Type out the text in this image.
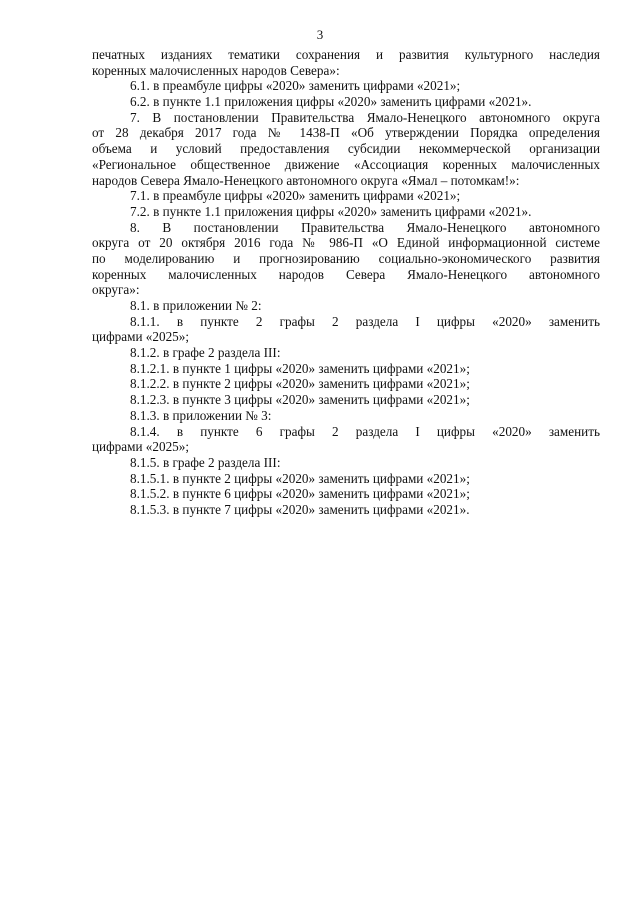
3
печатных изданиях тематики сохранения и развития культурного наследия
коренных малочисленных народов Севера»:
6.1. в преамбуле цифры «2020» заменить цифрами «2021»;
6.2. в пункте 1.1 приложения цифры «2020» заменить цифрами «2021».
7. В постановлении Правительства Ямало-Ненецкого автономного округа
от 28 декабря 2017 года № 1438-П «Об утверждении Порядка определения
объема и условий предоставления субсидии некоммерческой организации
«Региональное общественное движение «Ассоциация коренных малочисленных
народов Севера Ямало-Ненецкого автономного округа «Ямал – потомкам!»:
7.1. в преамбуле цифры «2020» заменить цифрами «2021»;
7.2. в пункте 1.1 приложения цифры «2020» заменить цифрами «2021».
8. В постановлении Правительства Ямало-Ненецкого автономного
округа от 20 октября 2016 года № 986-П «О Единой информационной системе
по моделированию и прогнозированию социально-экономического развития
коренных малочисленных народов Севера Ямало-Ненецкого автономного
округа»:
8.1. в приложении № 2:
8.1.1. в пункте 2 графы 2 раздела I цифры «2020» заменить
цифрами «2025»;
8.1.2. в графе 2 раздела III:
8.1.2.1. в пункте 1 цифры «2020» заменить цифрами «2021»;
8.1.2.2. в пункте 2 цифры «2020» заменить цифрами «2021»;
8.1.2.3. в пункте 3 цифры «2020» заменить цифрами «2021»;
8.1.3. в приложении № 3:
8.1.4. в пункте 6 графы 2 раздела I цифры «2020» заменить
цифрами «2025»;
8.1.5. в графе 2 раздела III:
8.1.5.1. в пункте 2 цифры «2020» заменить цифрами «2021»;
8.1.5.2. в пункте 6 цифры «2020» заменить цифрами «2021»;
8.1.5.3. в пункте 7 цифры «2020» заменить цифрами «2021».
